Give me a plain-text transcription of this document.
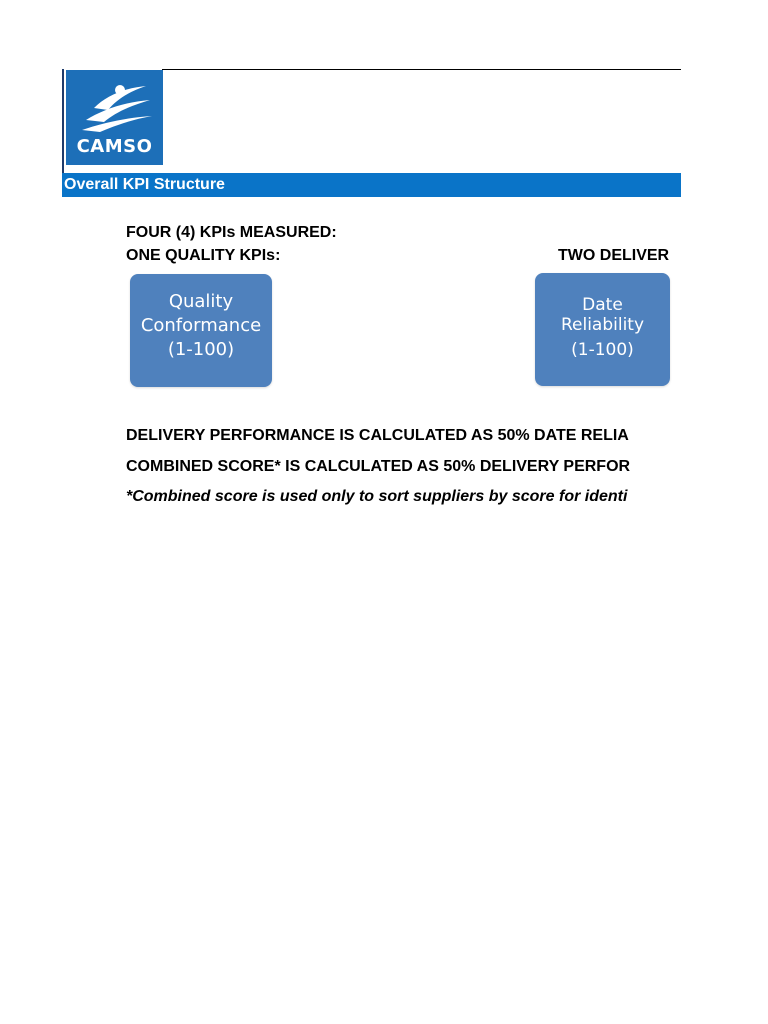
CAMSO
Overall KPI Structure
FOUR (4) KPIs MEASURED:
ONE QUALITY KPIs:	TWO DELIVER
Quality
Conformance
(1-100)
Date
Reliability
(1-100)
DELIVERY PERFORMANCE IS CALCULATED AS 50% DATE RELIA
COMBINED SCORE* IS CALCULATED AS 50% DELIVERY PERFOR
*Combined score is used only to sort suppliers by score for identi
